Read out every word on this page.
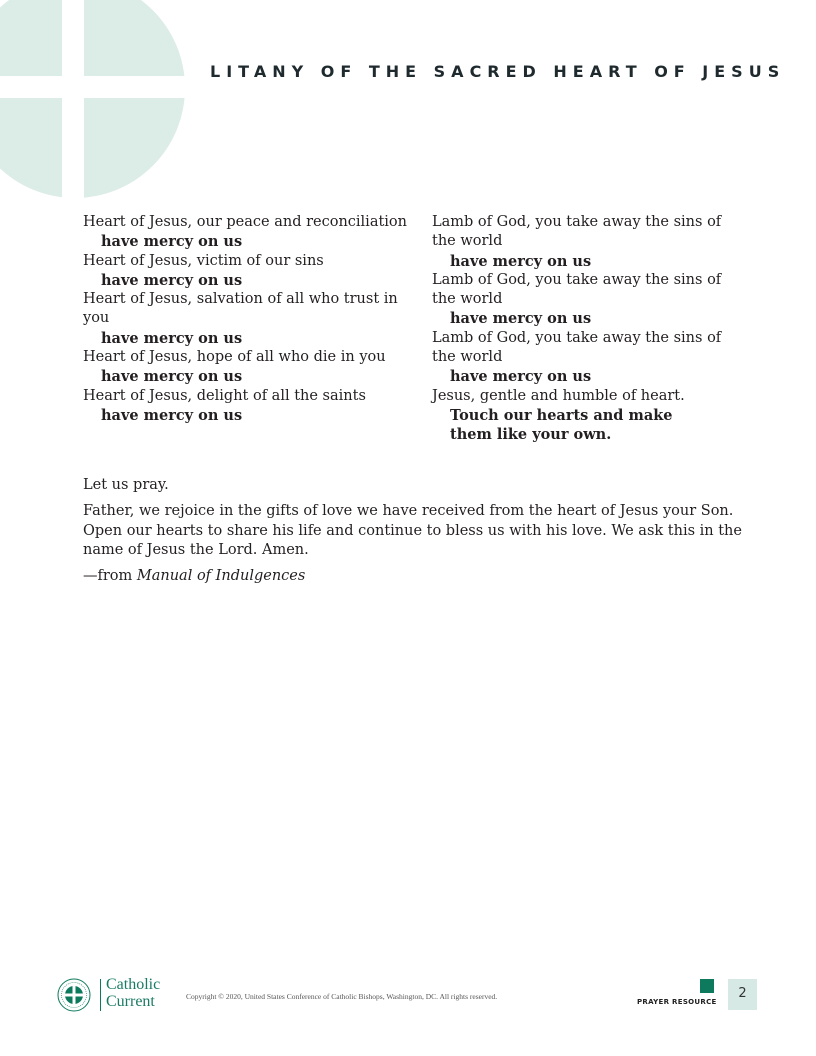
LITANY OF THE SACRED HEART OF JESUS
Heart of Jesus, our peace and reconciliation
have mercy on us
Heart of Jesus, victim of our sins
have mercy on us
Heart of Jesus, salvation of all who trust in you
have mercy on us
Heart of Jesus, hope of all who die in you
have mercy on us
Heart of Jesus, delight of all the saints
have mercy on us
Lamb of God, you take away the sins of
the world
have mercy on us
Lamb of God, you take away the sins of
the world
have mercy on us
Lamb of God, you take away the sins of
the world
have mercy on us
Jesus, gentle and humble of heart.
Touch our hearts and make
them like your own.

Let us pray.

Father, we rejoice in the gifts of love we have received from the heart of Jesus your Son. Open our hearts to share his life and continue to bless us with his love. We ask this in the name of Jesus the Lord. Amen.

—from Manual of Indulgences

Catholic
Current	Copyright © 2020, United States Conference of Catholic Bishops, Washington, DC. All rights reserved.
PRAYER RESOURCE
2
